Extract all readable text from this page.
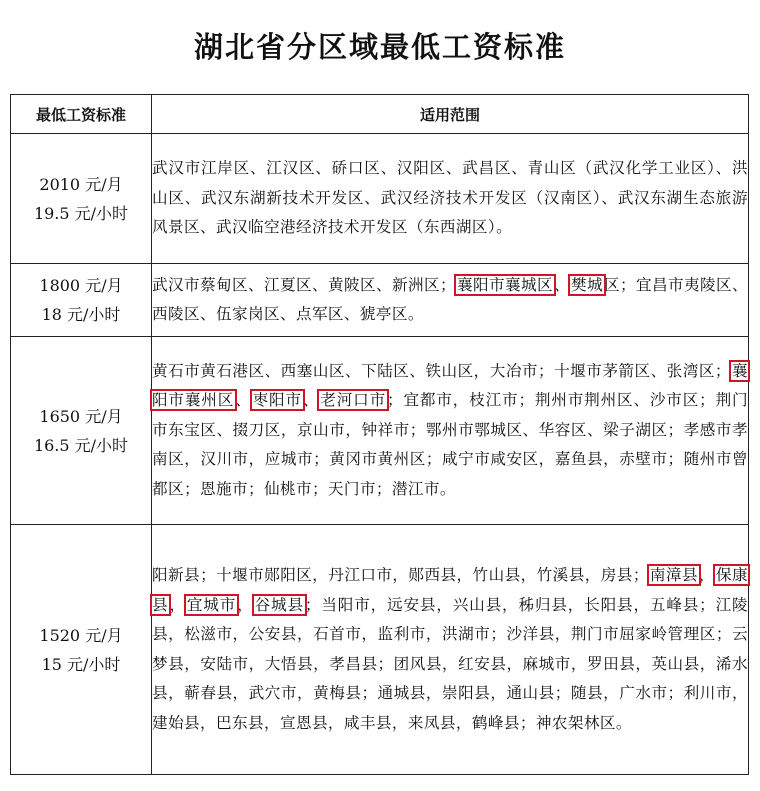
湖北省分区域最低工资标准
最低工资标准	适用范围

2010 元/月
19.5 元/小时	武汉市江岸区、江汉区、硚口区、汉阳区、武昌区、青山区（武汉化学工业区）、洪山区、武汉东湖新技术开发区、武汉经济技术开发区（汉南区）、武汉东湖生态旅游风景区、武汉临空港经济技术开发区（东西湖区）。

1800 元/月
18 元/小时	武汉市蔡甸区、江夏区、黄陂区、新洲区；襄阳市襄城区、樊城区；宜昌市夷陵区、西陵区、伍家岗区、点军区、猇亭区。

1650 元/月
16.5 元/小时	黄石市黄石港区、西塞山区、下陆区、铁山区，大冶市；十堰市茅箭区、张湾区；襄阳市襄州区、枣阳市、老河口市；宜都市，枝江市；荆州市荆州区、沙市区；荆门市东宝区、掇刀区，京山市，钟祥市；鄂州市鄂城区、华容区、梁子湖区；孝感市孝南区，汉川市，应城市；黄冈市黄州区；咸宁市咸安区，嘉鱼县，赤壁市；随州市曾都区；恩施市；仙桃市；天门市；潜江市。

1520 元/月
15 元/小时	阳新县；十堰市郧阳区，丹江口市，郧西县，竹山县，竹溪县，房县；南漳县，保康县，宜城市，谷城县；当阳市，远安县，兴山县，秭归县，长阳县，五峰县；江陵县，松滋市，公安县，石首市，监利市，洪湖市；沙洋县，荆门市屈家岭管理区；云梦县，安陆市，大悟县，孝昌县；团风县，红安县，麻城市，罗田县，英山县，浠水县，蕲春县，武穴市，黄梅县；通城县，崇阳县，通山县；随县，广水市；利川市，建始县，巴东县，宣恩县，咸丰县，来凤县，鹤峰县；神农架林区。
